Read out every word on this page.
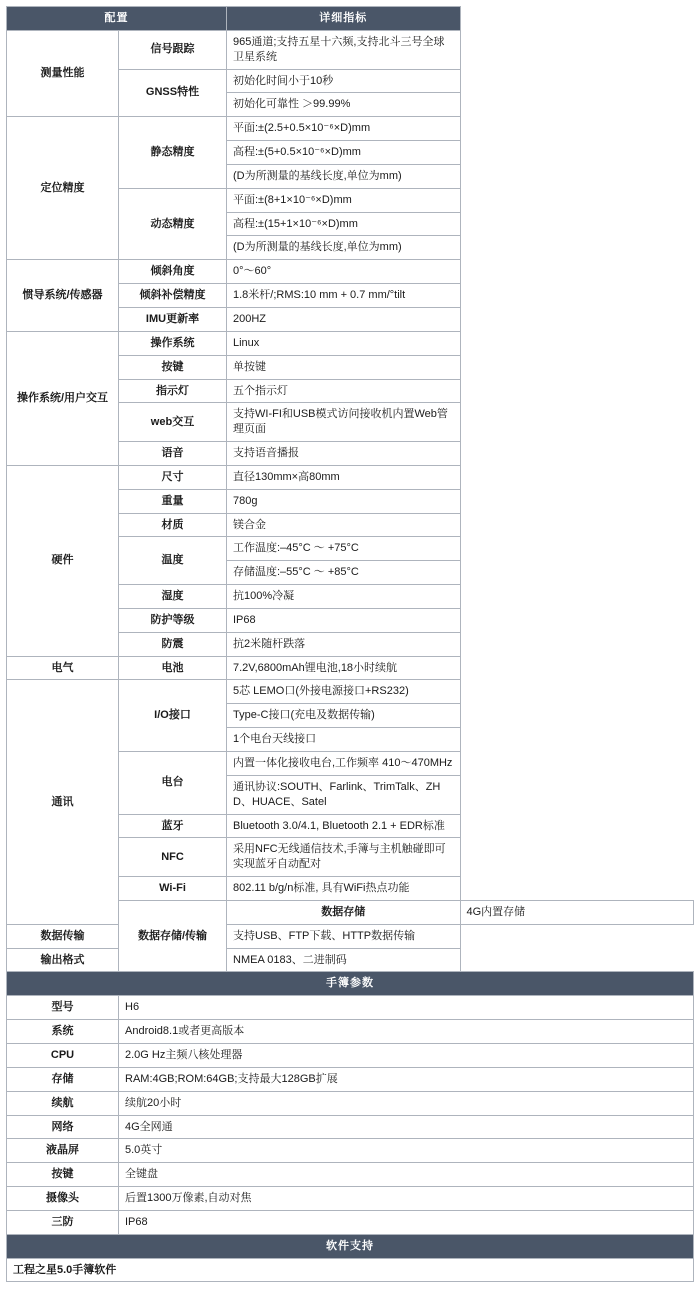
配置		详细指标	
测量性能	信号跟踪	965通道;支持五星十六频,支持北斗三号全球卫星系统	
	GNSS特性	初始化时间小于10秒	
		初始化可靠性 ＞99.99%	
定位精度	静态精度	平面:±(2.5+0.5×10⁻⁶×D)mm	
		高程:±(5+0.5×10⁻⁶×D)mm	
		(D为所测量的基线长度,单位为mm)	
	动态精度	平面:±(8+1×10⁻⁶×D)mm	
		高程:±(15+1×10⁻⁶×D)mm	
		(D为所测量的基线长度,单位为mm)	
惯导系统/传感器	倾斜角度	0°～60°	
	倾斜补偿精度	1.8米杆/;RMS:10 mm + 0.7 mm/°tilt	
	IMU更新率	200HZ	
操作系统/用户交互	操作系统	Linux	
	按键	单按键	
	指示灯	五个指示灯	
	web交互	支持WI-FI和USB模式访问接收机内置Web管理页面	
	语音	支持语音播报	
硬件	尺寸	直径130mm×高80mm	
	重量	780g	
	材质	镁合金	
	温度	工作温度:–45°C ～ +75°C	
		存储温度:–55°C ～ +85°C	
	湿度	抗100%冷凝	
	防护等级	IP68	
	防震	抗2米随杆跌落	
电气	电池	7.2V,6800mAh锂电池,18小时续航	
通讯	I/O接口	5芯 LEMO口(外接电源接口+RS232)	
		Type-C接口(充电及数据传输)	
		1个电台天线接口	
	电台	内置一体化接收电台,工作频率 410～470MHz	
		通讯协议:SOUTH、Farlink、TrimTalk、ZHD、HUACE、Satel	
	蓝牙	Bluetooth 3.0/4.1, Bluetooth 2.1 + EDR标准	
	NFC	采用NFC无线通信技术,手簿与主机触碰即可实现蓝牙自动配对	
	Wi-Fi	802.11 b/g/n标准, 具有WiFi热点功能	
	数据存储/传输	数据存储	4G内置存储
数据传输		支持USB、FTP下载、HTTP数据传输	
输出格式		NMEA 0183、二进制码	
手簿参数	
型号	H6
系统	Android8.1或者更高版本
CPU	2.0G Hz主频八核处理器
存储	RAM:4GB;ROM:64GB;支持最大128GB扩展
续航	续航20小时
网络	4G全网通
液晶屏	5.0英寸
按键	全键盘
摄像头	后置1300万像素,自动对焦
三防	IP68
软件支持
工程之星5.0手簿软件
